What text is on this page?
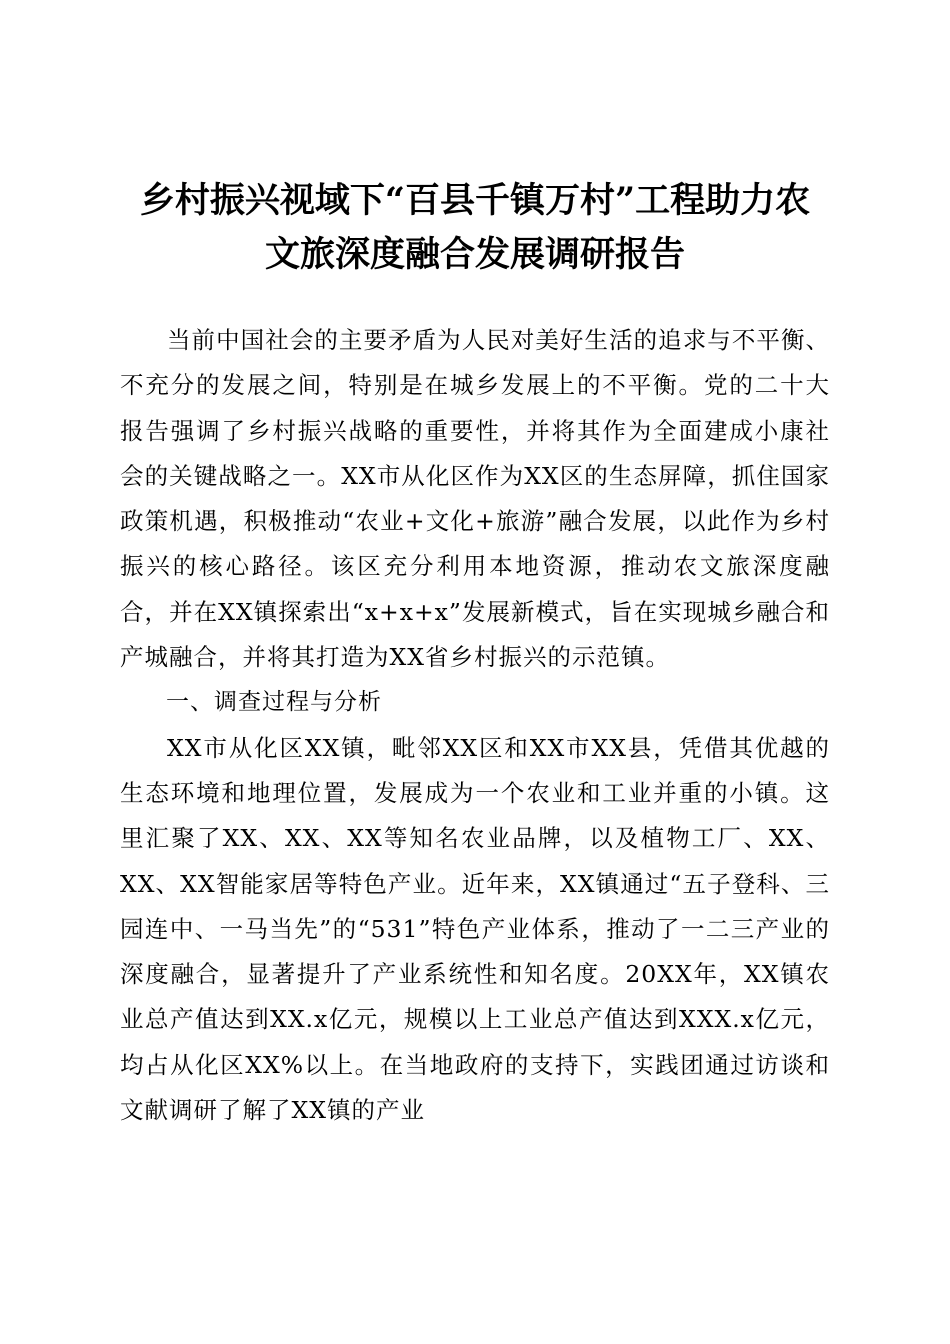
乡村振兴视域下“百县千镇万村”工程助力农
文旅深度融合发展调研报告

当前中国社会的主要矛盾为人民对美好生活的追求与不平衡、不充分的发展之间，特别是在城乡发展上的不平衡。党的二十大报告强调了乡村振兴战略的重要性，并将其作为全面建成小康社会的关键战略之一。XX市从化区作为XX区的生态屏障，抓住国家政策机遇，积极推动“农业+文化+旅游”融合发展，以此作为乡村振兴的核心路径。该区充分利用本地资源，推动农文旅深度融合，并在XX镇探索出“x+x+x”发展新模式，旨在实现城乡融合和产城融合，并将其打造为XX省乡村振兴的示范镇。

一、调查过程与分析

XX市从化区XX镇，毗邻XX区和XX市XX县，凭借其优越的生态环境和地理位置，发展成为一个农业和工业并重的小镇。这里汇聚了XX、XX、XX等知名农业品牌，以及植物工厂、XX、XX、XX智能家居等特色产业。近年来，XX镇通过“五子登科、三园连中、一马当先”的“531”特色产业体系，推动了一二三产业的深度融合，显著提升了产业系统性和知名度。20XX年，XX镇农业总产值达到XX.x亿元，规模以上工业总产值达到XXX.x亿元，均占从化区XX%以上。在当地政府的支持下，实践团通过访谈和文献调研了解了XX镇的产业
